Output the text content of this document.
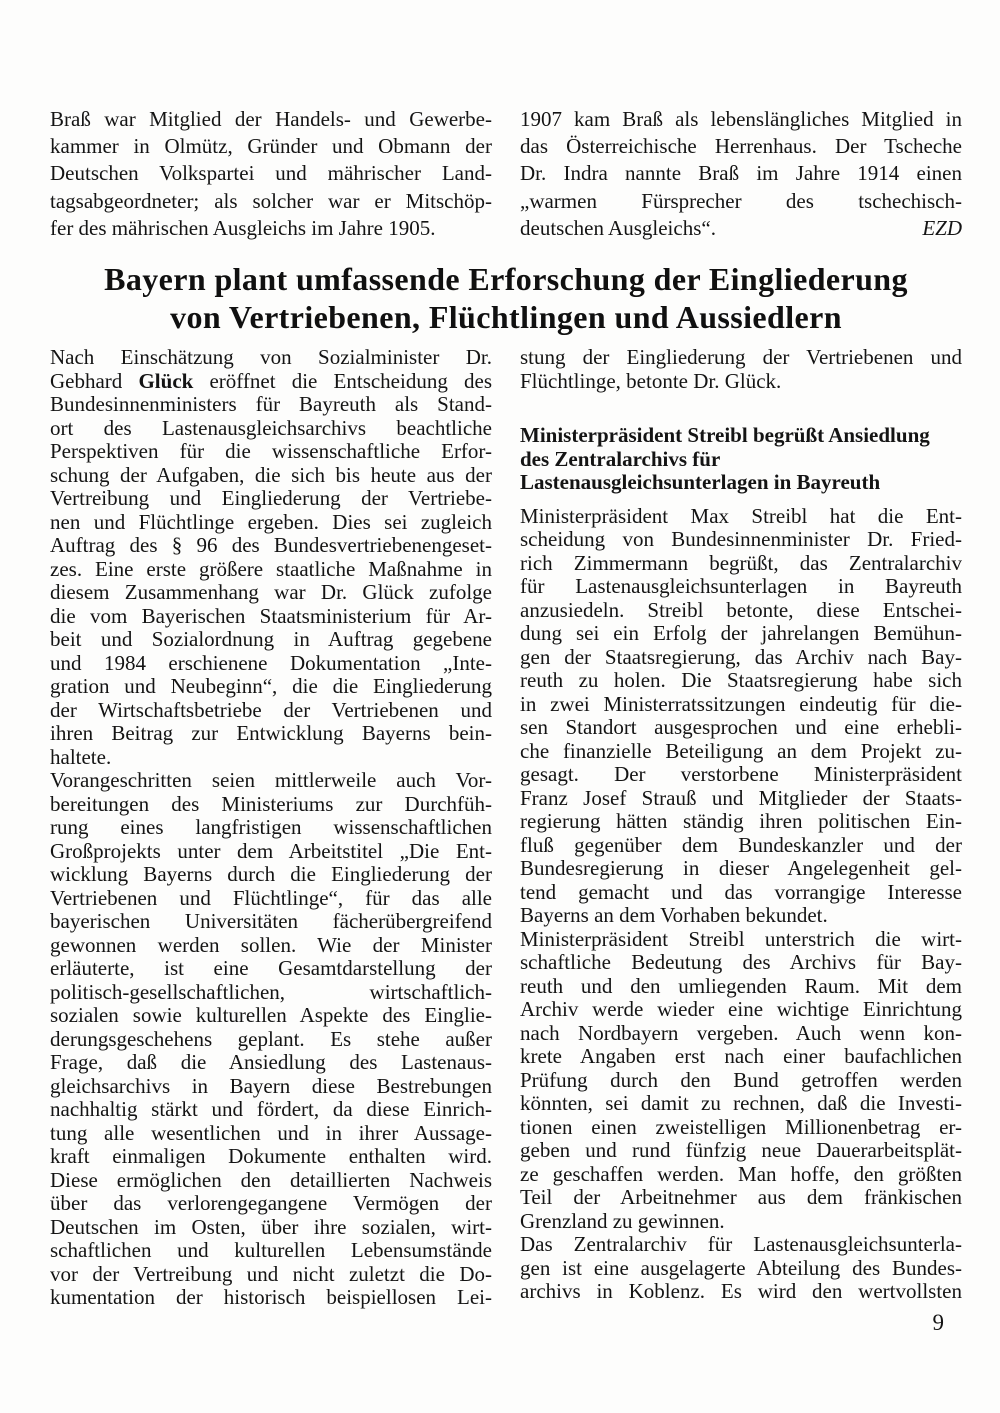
Braß war Mitglied der Handels- und Gewerbe-
kammer in Olmütz, Gründer und Obmann der
Deutschen Volkspartei und mährischer Land-
tagsabgeordneter; als solcher war er Mitschöp-
fer des mährischen Ausgleichs im Jahre 1905.
1907 kam Braß als lebenslängliches Mitglied in
das Österreichische Herrenhaus. Der Tscheche
Dr. Indra nannte Braß im Jahre 1914 einen
„warmen Fürsprecher des tschechisch-
deutschen Ausgleichs“.	EZD
Bayern plant umfassende Erforschung der Eingliederung
von Vertriebenen, Flüchtlingen und Aussiedlern
Nach Einschätzung von Sozialminister Dr.
Gebhard Glück eröffnet die Entscheidung des
Bundesinnenministers für Bayreuth als Stand-
ort des Lastenausgleichsarchivs beachtliche
Perspektiven für die wissenschaftliche Erfor-
schung der Aufgaben, die sich bis heute aus der
Vertreibung und Eingliederung der Vertriebe-
nen und Flüchtlinge ergeben. Dies sei zugleich
Auftrag des § 96 des Bundesvertriebenengeset-
zes. Eine erste größere staatliche Maßnahme in
diesem Zusammenhang war Dr. Glück zufolge
die vom Bayerischen Staatsministerium für Ar-
beit und Sozialordnung in Auftrag gegebene
und 1984 erschienene Dokumentation „Inte-
gration und Neubeginn“, die die Eingliederung
der Wirtschaftsbetriebe der Vertriebenen und
ihren Beitrag zur Entwicklung Bayerns bein-
haltete.
Vorangeschritten seien mittlerweile auch Vor-
bereitungen des Ministeriums zur Durchfüh-
rung eines langfristigen wissenschaftlichen
Großprojekts unter dem Arbeitstitel „Die Ent-
wicklung Bayerns durch die Eingliederung der
Vertriebenen und Flüchtlinge“, für das alle
bayerischen Universitäten fächerübergreifend
gewonnen werden sollen. Wie der Minister
erläuterte, ist eine Gesamtdarstellung der
politisch-gesellschaftlichen, wirtschaftlich-
sozialen sowie kulturellen Aspekte des Einglie-
derungsgeschehens geplant. Es stehe außer
Frage, daß die Ansiedlung des Lastenaus-
gleichsarchivs in Bayern diese Bestrebungen
nachhaltig stärkt und fördert, da diese Einrich-
tung alle wesentlichen und in ihrer Aussage-
kraft einmaligen Dokumente enthalten wird.
Diese ermöglichen den detaillierten Nachweis
über das verlorengegangene Vermögen der
Deutschen im Osten, über ihre sozialen, wirt-
schaftlichen und kulturellen Lebensumstände
vor der Vertreibung und nicht zuletzt die Do-
kumentation der historisch beispiellosen Lei-
stung der Eingliederung der Vertriebenen und
Flüchtlinge, betonte Dr. Glück.
Ministerpräsident Streibl begrüßt Ansiedlung
des Zentralarchivs für
Lastenausgleichsunterlagen in Bayreuth
Ministerpräsident Max Streibl hat die Ent-
scheidung von Bundesinnenminister Dr. Fried-
rich Zimmermann begrüßt, das Zentralarchiv
für Lastenausgleichsunterlagen in Bayreuth
anzusiedeln. Streibl betonte, diese Entschei-
dung sei ein Erfolg der jahrelangen Bemühun-
gen der Staatsregierung, das Archiv nach Bay-
reuth zu holen. Die Staatsregierung habe sich
in zwei Ministerratssitzungen eindeutig für die-
sen Standort ausgesprochen und eine erhebli-
che finanzielle Beteiligung an dem Projekt zu-
gesagt. Der verstorbene Ministerpräsident
Franz Josef Strauß und Mitglieder der Staats-
regierung hätten ständig ihren politischen Ein-
fluß gegenüber dem Bundeskanzler und der
Bundesregierung in dieser Angelegenheit gel-
tend gemacht und das vorrangige Interesse
Bayerns an dem Vorhaben bekundet.
Ministerpräsident Streibl unterstrich die wirt-
schaftliche Bedeutung des Archivs für Bay-
reuth und den umliegenden Raum. Mit dem
Archiv werde wieder eine wichtige Einrichtung
nach Nordbayern vergeben. Auch wenn kon-
krete Angaben erst nach einer baufachlichen
Prüfung durch den Bund getroffen werden
könnten, sei damit zu rechnen, daß die Investi-
tionen einen zweistelligen Millionenbetrag er-
geben und rund fünfzig neue Dauerarbeitsplät-
ze geschaffen werden. Man hoffe, den größten
Teil der Arbeitnehmer aus dem fränkischen
Grenzland zu gewinnen.
Das Zentralarchiv für Lastenausgleichsunterla-
gen ist eine ausgelagerte Abteilung des Bundes-
archivs in Koblenz. Es wird den wertvollsten
9
